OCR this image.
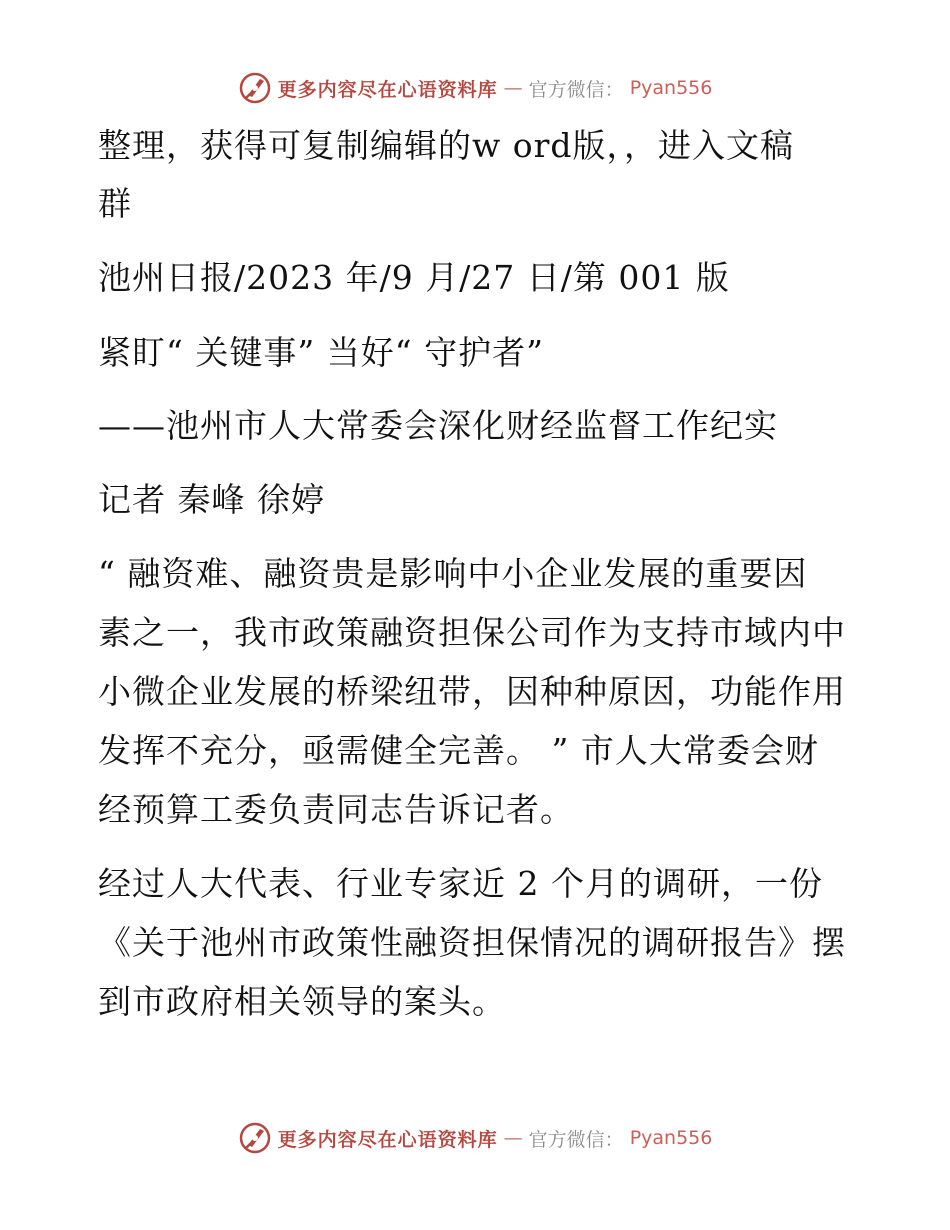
更多内容尽在心语资料库 — 官方微信： Pyan556
整理，获得可复制编辑的w ord版，，进入文稿
群
池州日报/2023 年/9 月/27 日/第 001 版
紧盯“ 关键事” 当好“ 守护者”
——池州市人大常委会深化财经监督工作纪实
记者 秦峰 徐婷
“ 融资难、融资贵是影响中小企业发展的重要因
素之一，我市政策融资担保公司作为支持市域内中
小微企业发展的桥梁纽带，因种种原因，功能作用
发挥不充分，亟需健全完善。 ” 市人大常委会财
经预算工委负责同志告诉记者。
经过人大代表、行业专家近 2 个月的调研，一份
《关于池州市政策性融资担保情况的调研报告》摆
到市政府相关领导的案头。
更多内容尽在心语资料库 — 官方微信： Pyan556
